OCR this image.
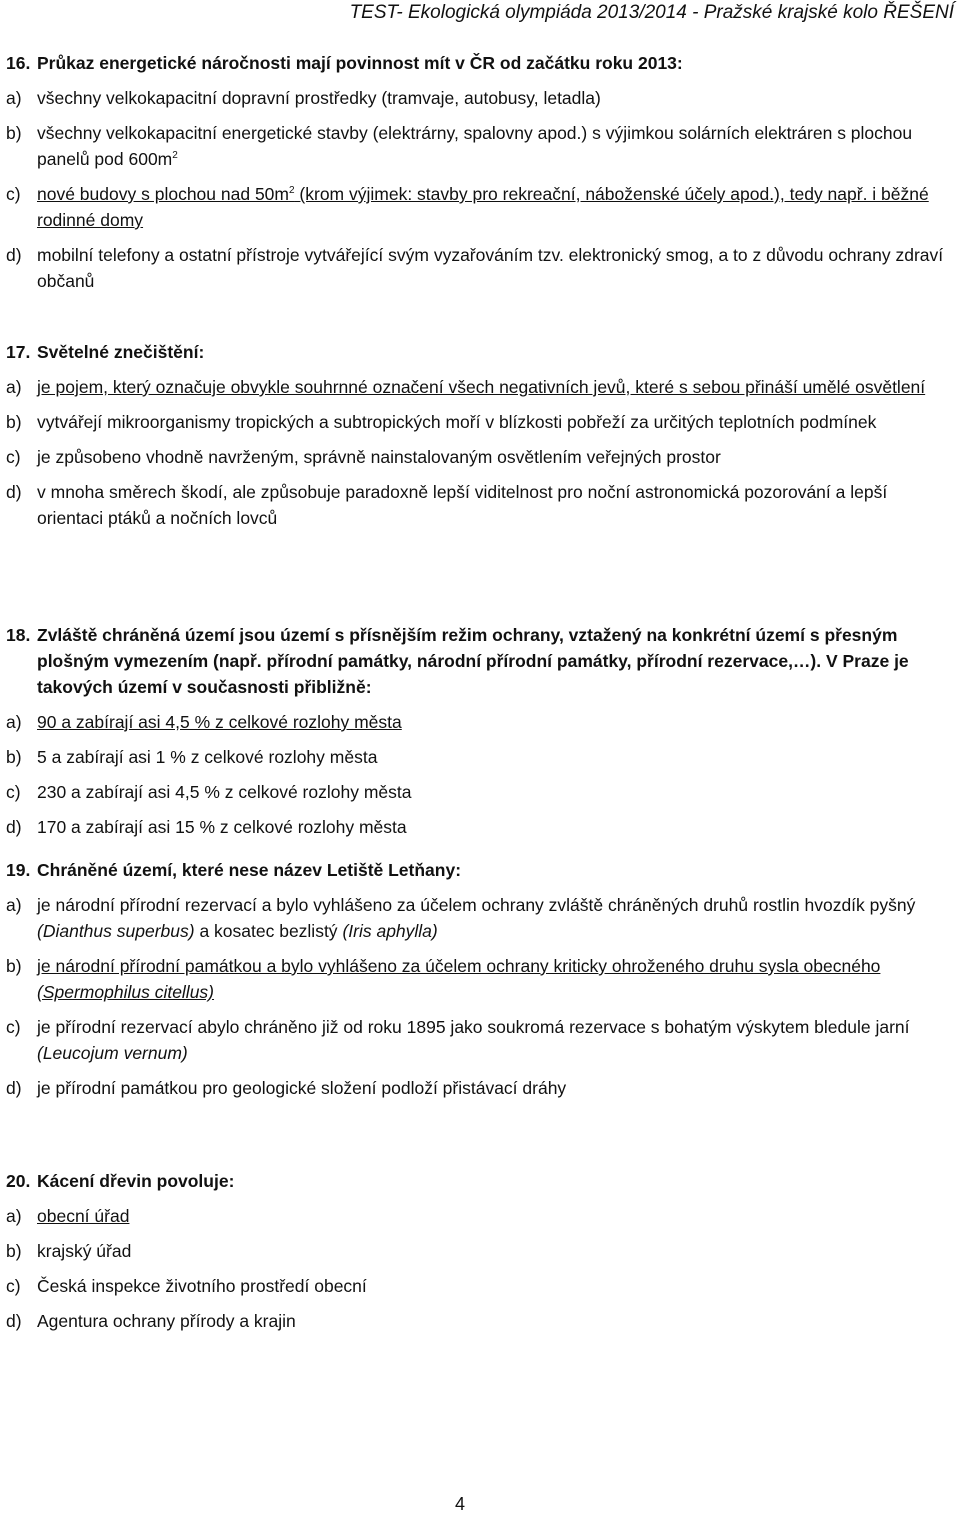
TEST- Ekologická olympiáda 2013/2014 - Pražské krajské kolo ŘEŠENÍ
16. Průkaz energetické náročnosti mají povinnost mít v ČR od začátku roku 2013:
a) všechny velkokapacitní dopravní prostředky (tramvaje, autobusy, letadla)
b) všechny velkokapacitní energetické stavby (elektrárny, spalovny apod.) s výjimkou solárních elektráren s plochou panelů pod $600m^2$
c) nové budovy s plochou nad $50m^2$ (krom výjimek: stavby pro rekreační, náboženské účely apod.), tedy např. i běžné rodinné domy
d) mobilní telefony a ostatní přístroje vytvářející svým vyzařováním tzv. elektronický smog, a to z důvodu ochrany zdraví občanů
17. Světelné znečištění:
a) je pojem, který označuje obvykle souhrnné označení všech negativních jevů, které s sebou přináší umělé osvětlení
b) vytvářejí mikroorganismy tropických a subtropických moří v blízkosti pobřeží za určitých teplotních podmínek
c) je způsobeno vhodně navrženým, správně nainstalovaným osvětlením veřejných prostor
d) v mnoha směrech škodí, ale způsobuje paradoxně lepší viditelnost pro noční astronomická pozorování a lepší orientaci ptáků a nočních lovců
18. Zvláště chráněná území jsou území s přísnějším režim ochrany, vztažený na konkrétní území s přesným plošným vymezením (např. přírodní památky, národní přírodní památky, přírodní rezervace,…). V Praze je takových území v současnosti přibližně:
a) 90 a zabírají asi 4,5 % z celkové rozlohy města
b) 5 a zabírají asi 1 % z celkové rozlohy města
c) 230 a zabírají asi 4,5 % z celkové rozlohy města
d) 170 a zabírají asi 15 % z celkové rozlohy města
19. Chráněné území, které nese název Letiště Letňany:
a) je národní přírodní rezervací a bylo vyhlášeno za účelem ochrany zvláště chráněných druhů rostlin hvozdík pyšný (Dianthus superbus) a kosatec bezlistý (Iris aphylla)
b) je národní přírodní památkou a bylo vyhlášeno za účelem ochrany kriticky ohroženého druhu sysla obecného (Spermophilus citellus)
c) je přírodní rezervací abylo chráněno již od roku 1895 jako soukromá rezervace s bohatým výskytem bledule jarní (Leucojum vernum)
d) je přírodní památkou pro geologické složení podloží přistávací dráhy
20. Kácení dřevin povoluje:
a) obecní úřad
b) krajský úřad
c) Česká inspekce životního prostředí obecní
d) Agentura ochrany přírody a krajin
4
